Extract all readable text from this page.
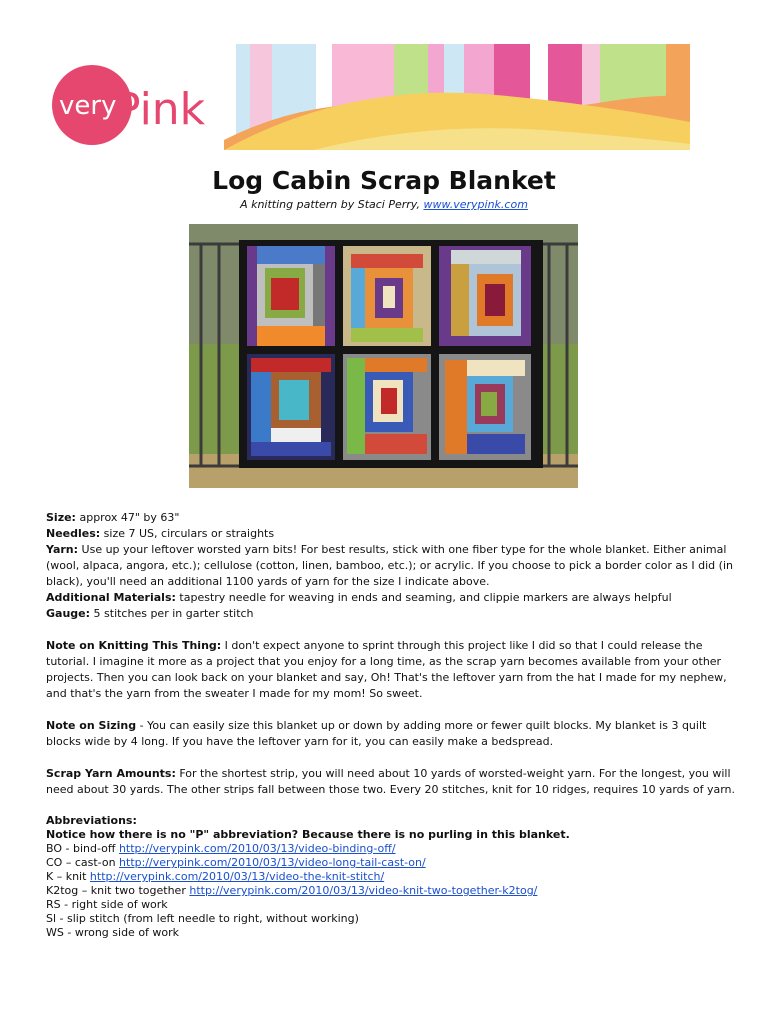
very
Pink
Log Cabin Scrap Blanket
A knitting pattern by Staci Perry, www.verypink.com

Size: approx 47" by 63"

Needles: size 7 US, circulars or straights

Yarn: Use up your leftover worsted yarn bits! For best results, stick with one fiber type for the whole blanket. Either animal (wool, alpaca, angora, etc.); cellulose (cotton, linen, bamboo, etc.); or acrylic. If you choose to pick a border color as I did (in black), you'll need an additional 1100 yards of yarn for the size I indicate above.

Additional Materials: tapestry needle for weaving in ends and seaming, and clippie markers are always helpful

Gauge: 5 stitches per in garter stitch

Note on Knitting This Thing: I don't expect anyone to sprint through this project like I did so that I could release the tutorial. I imagine it more as a project that you enjoy for a long time, as the scrap yarn becomes available from your other projects. Then you can look back on your blanket and say, Oh! That's the leftover yarn from the hat I made for my nephew, and that's the yarn from the sweater I made for my mom! So sweet.

Note on Sizing - You can easily size this blanket up or down by adding more or fewer quilt blocks. My blanket is 3 quilt blocks wide by 4 long. If you have the leftover yarn for it, you can easily make a bedspread.

Scrap Yarn Amounts: For the shortest strip, you will need about 10 yards of worsted-weight yarn. For the longest, you will need about 30 yards. The other strips fall between those two. Every 20 stitches, knit for 10 ridges, requires 10 yards of yarn.

Abbreviations:

Notice how there is no "P" abbreviation? Because there is no purling in this blanket.

BO - bind-off http://verypink.com/2010/03/13/video-binding-off/

CO – cast-on http://verypink.com/2010/03/13/video-long-tail-cast-on/

K – knit http://verypink.com/2010/03/13/video-the-knit-stitch/

K2tog – knit two together http://verypink.com/2010/03/13/video-knit-two-together-k2tog/

RS - right side of work

Sl - slip stitch (from left needle to right, without working)

WS - wrong side of work
